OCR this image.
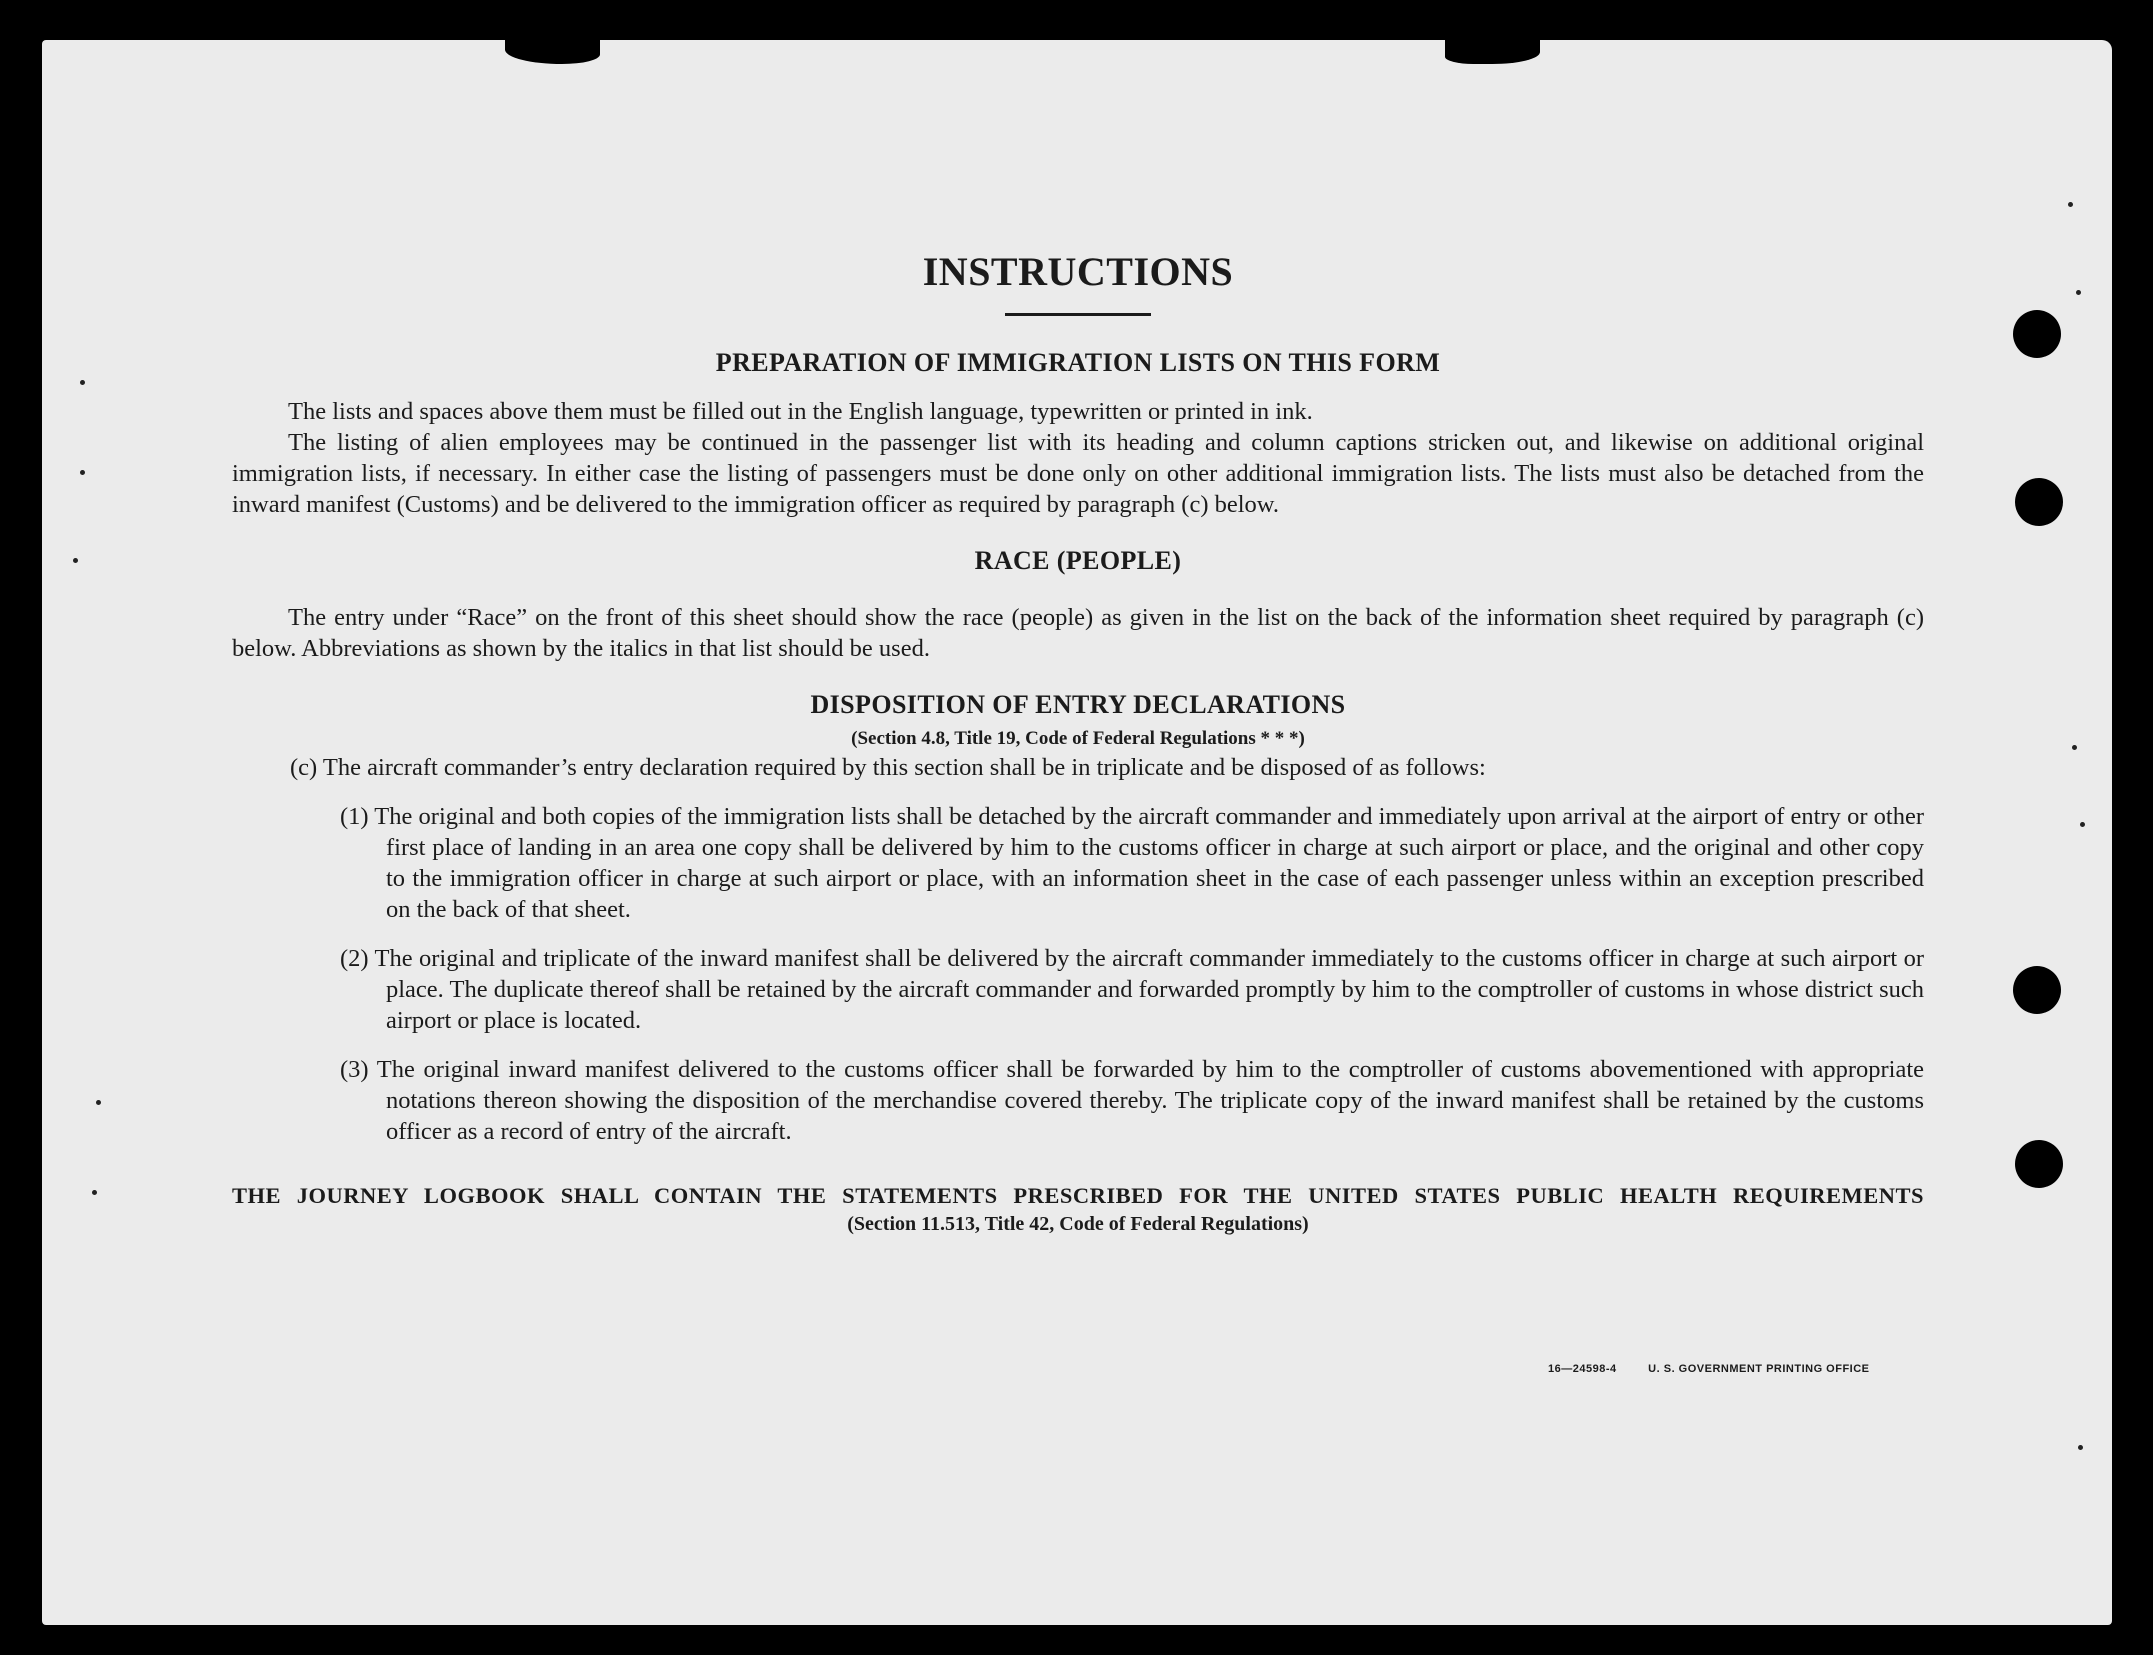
INSTRUCTIONS
PREPARATION OF IMMIGRATION LISTS ON THIS FORM

The lists and spaces above them must be filled out in the English language, typewritten or printed in ink.

The listing of alien employees may be continued in the passenger list with its heading and column captions stricken out, and likewise on additional original immigration lists, if necessary. In either case the listing of passengers must be done only on other additional immigration lists. The lists must also be detached from the inward manifest (Customs) and be delivered to the immigration officer as required by paragraph (c) below.

RACE (PEOPLE)

The entry under “Race” on the front of this sheet should show the race (people) as given in the list on the back of the information sheet required by paragraph (c) below. Abbreviations as shown by the italics in that list should be used.

DISPOSITION OF ENTRY DECLARATIONS
(Section 4.8, Title 19, Code of Federal Regulations * * *)

(c) The aircraft commander’s entry declaration required by this section shall be in triplicate and be disposed of as follows:

(1) The original and both copies of the immigration lists shall be detached by the aircraft commander and immediately upon arrival at the airport of entry or other first place of landing in an area one copy shall be delivered by him to the customs officer in charge at such airport or place, and the original and other copy to the immigration officer in charge at such airport or place, with an information sheet in the case of each passenger unless within an exception prescribed on the back of that sheet.

(2) The original and triplicate of the inward manifest shall be delivered by the aircraft commander immediately to the customs officer in charge at such airport or place. The duplicate thereof shall be retained by the aircraft commander and forwarded promptly by him to the comptroller of customs in whose district such airport or place is located.

(3) The original inward manifest delivered to the customs officer shall be forwarded by him to the comptroller of customs abovementioned with appropriate notations thereon showing the disposition of the merchandise covered thereby. The triplicate copy of the inward manifest shall be retained by the customs officer as a record of entry of the aircraft.

THE JOURNEY LOGBOOK SHALL CONTAIN THE STATEMENTS PRESCRIBED FOR THE UNITED STATES PUBLIC HEALTH REQUIREMENTS

(Section 11.513, Title 42, Code of Federal Regulations)
16—24598-4	U. S. GOVERNMENT PRINTING OFFICE
